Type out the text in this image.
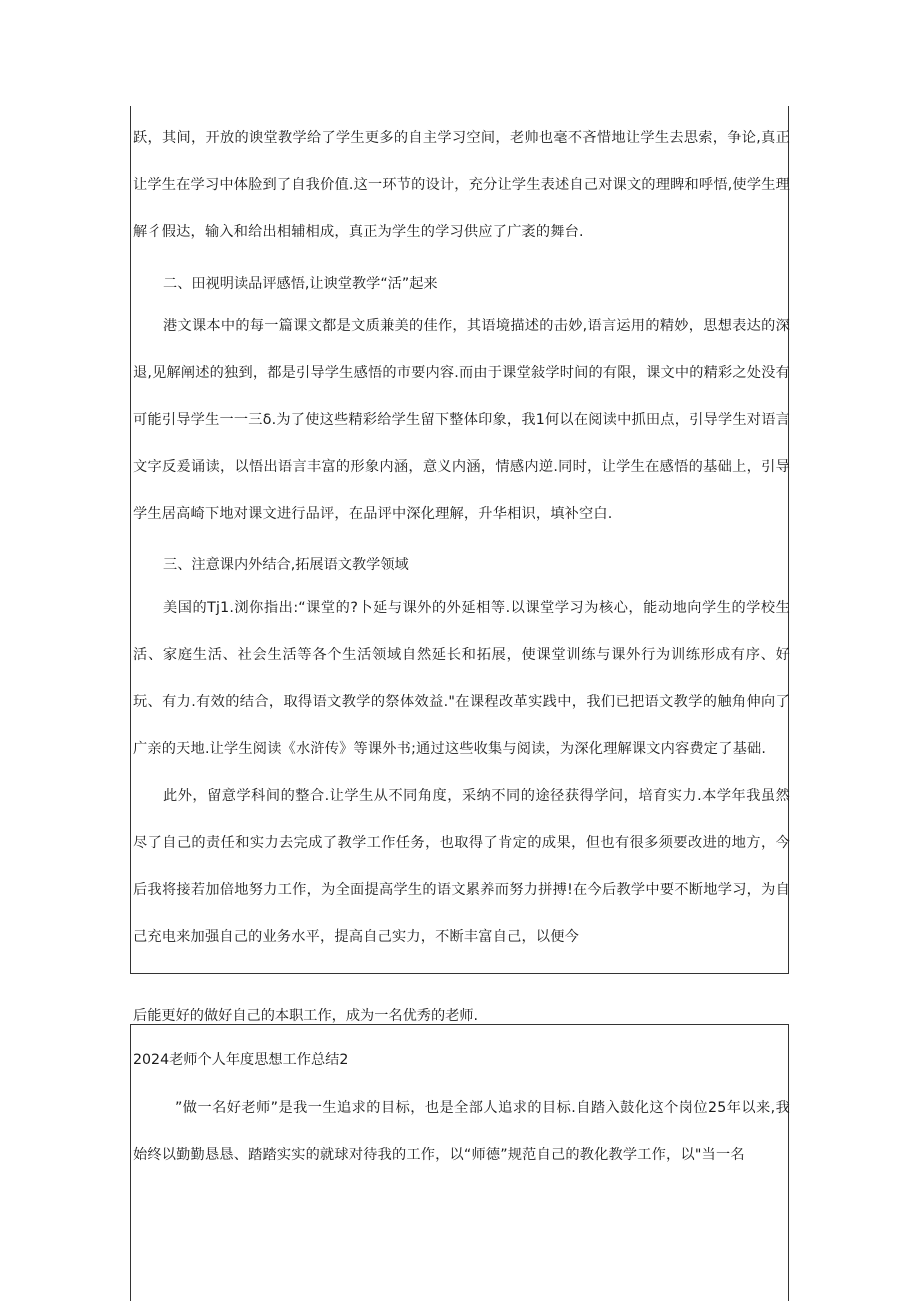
跃，其间，开放的谀堂教学给了学生更多的自主学习空间，老帅也毫不吝惜地让学生去思索，争论,真正让学生在学习中体脸到了自我价值.这一环节的设计，充分让学生表述自己对课文的理睥和呼悟,使学生理解彳假达，输入和给出相辅相成，真正为学生的学习供应了广袤的舞台.

二、田视明读品评感悟,让谀堂教学“活”起来

港文课本中的每一篇课文都是文质兼美的佳作，其语境描述的击妙,语言运用的精妙，思想表达的深退,见解阐述的独到，都是引导学生感悟的市要内容.而由于课堂敍学时间的有限，课文中的精彩之处没有可能引导学生一一三δ.为了使这些精彩给学生留下整体印象，我1何以在阅读中抓田点，引导学生对语言文字反爰诵读，以悟出语言丰富的形象内涵，意义内涵，情感内逆.同时，让学生在感悟的基础上，引导学生居高崎下地对课文进行品评，在品评中深化理解，升华相识，填补空白.

三、注意课内外结合,拓展语文教学领域

美国的Tj1.浏你指出:“课堂的?卜延与课外的外延相等.以课堂学习为核心，能动地向学生的学校生活、家庭生活、社会生活等各个生活领域自然延长和拓展，使课堂训练与课外行为训练形成有序、好玩、有力.有效的结合，取得语文教学的祭体效益."在课程改革实践中，我们已把语文教学的触角伸向了广亲的天地.让学生阅读《水浒传》等课外书;通过这些收集与阅读，为深化理解课文内容费定了基础.

此外，留意学科间的整合.让学生从不同角度，采纳不同的途径获得学问，培育实力.本学年我虽然尽了自己的责任和实力去完成了教学工作任务，也取得了肯定的成果，但也有很多须要改进的地方，今后我将接若加倍地努力工作，为全面提高学生的语文累养而努力拼搏!在今后教学中要不断地学习，为自己充电来加强自己的业务水平，提高自己实力，不断丰富自己，以便今

后能更好的做好自己的本职工作，成为一名优秀的老师.

2024老师个人年度思想工作总结2

”做一名好老师”是我一生追求的目标，也是全部人追求的目标.自踏入鼓化这个岗位25年以来,我始终以勤勤恳恳、踏踏实实的就球对待我的工作，以“师德”规范自己的教化教学工作，以"当一名
